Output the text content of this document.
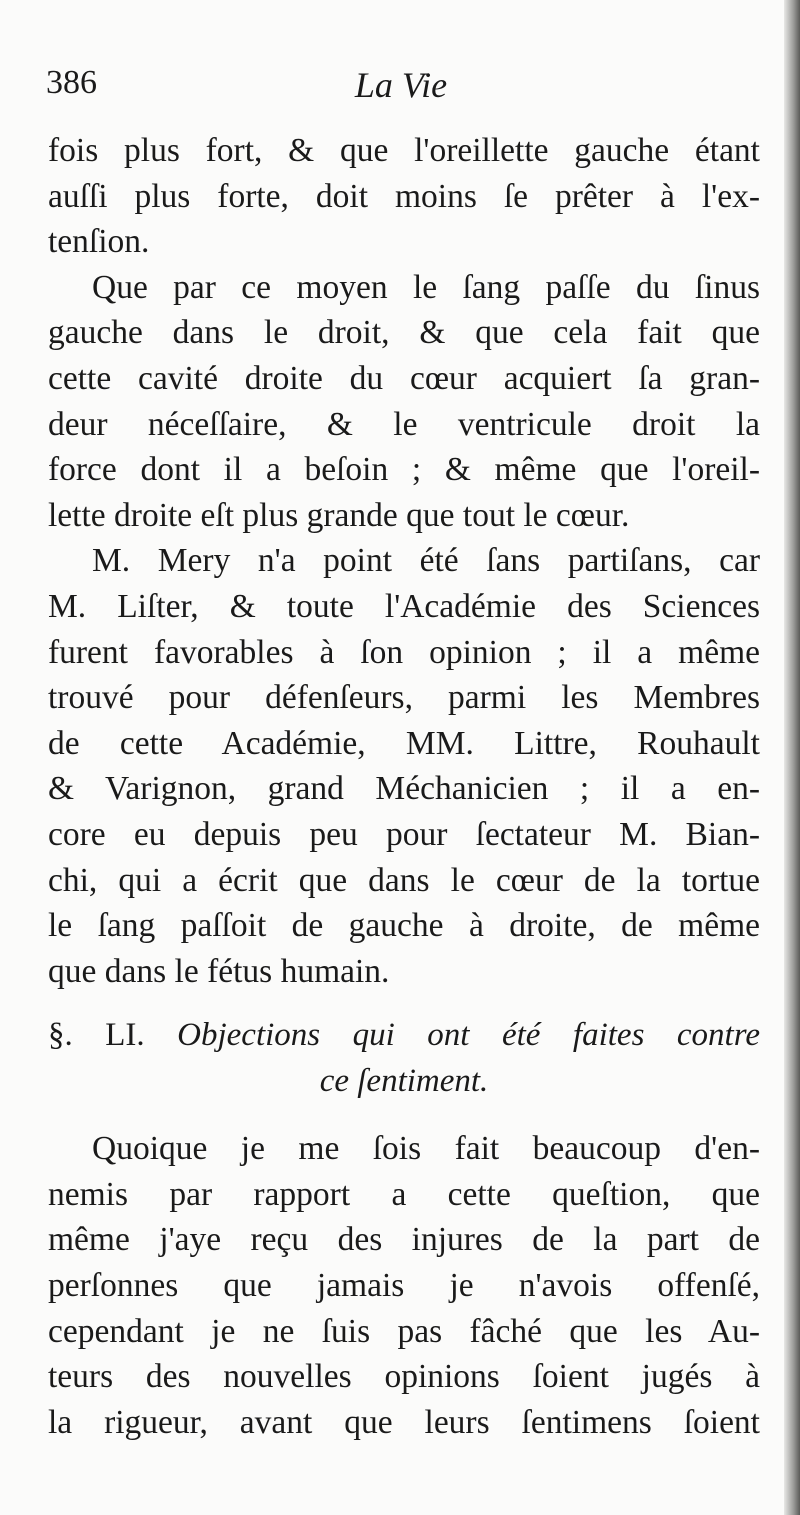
386	La Vie
fois plus fort, & que l'oreillette gauche étant
auſſi plus forte, doit moins ſe prêter à l'ex-
tenſion.
Que par ce moyen le ſang paſſe du ſinus
gauche dans le droit, & que cela fait que
cette cavité droite du cœur acquiert ſa gran-
deur néceſſaire, & le ventricule droit la
force dont il a beſoin ; & même que l'oreil-
lette droite eſt plus grande que tout le cœur.
M. Mery n'a point été ſans partiſans, car
M. Liſter, & toute l'Académie des Sciences
furent favorables à ſon opinion ; il a même
trouvé pour défenſeurs, parmi les Membres
de cette Académie, MM. Littre, Rouhault
& Varignon, grand Méchanicien ; il a en-
core eu depuis peu pour ſectateur M. Bian-
chi, qui a écrit que dans le cœur de la tortue
le ſang paſſoit de gauche à droite, de même
que dans le fétus humain.
§. LI. Objections qui ont été faites contre
ce ſentiment.
Quoique je me ſois fait beaucoup d'en-
nemis par rapport a cette queſtion, que
même j'aye reçu des injures de la part de
perſonnes que jamais je n'avois offenſé,
cependant je ne ſuis pas fâché que les Au-
teurs des nouvelles opinions ſoient jugés à
la rigueur, avant que leurs ſentimens ſoient
